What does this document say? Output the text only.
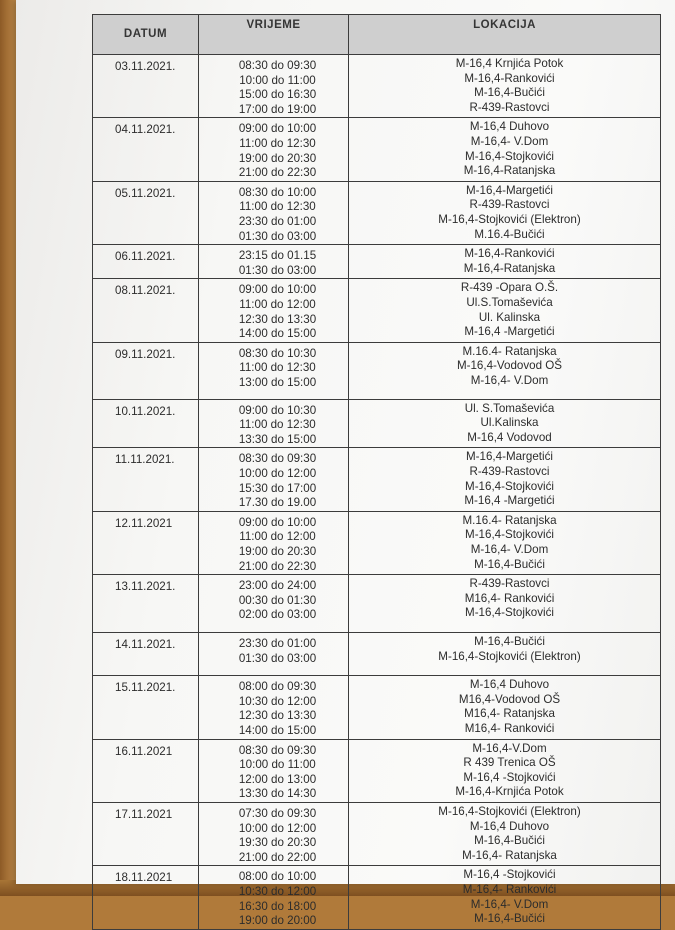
DATUM	VRIJEME	LOKACIJA
03.11.2021.	08:30 do 09:30
10:00 do 11:00
15:00 do 16:30
17:00 do 19:00	M-16,4 Krnjića Potok
M-16,4-Rankovići
M-16,4-Bučići
R-439-Rastovci

04.11.2021.	09:00 do 10:00
11:00 do 12:30
19:00 do 20:30
21:00 do 22:30	M-16,4 Duhovo
M-16,4- V.Dom
M-16,4-Stojkovići
M-16,4-Ratanjska

05.11.2021.	08:30 do 10:00
11:00 do 12:30
23:30 do 01:00
01:30 do 03:00	M-16,4-Margetići
R-439-Rastovci
M-16,4-Stojkovići (Elektron)
M.16.4-Bučići

06.11.2021.	23:15 do 01.15
01:30 do 03:00	M-16,4-Rankovići
M-16,4-Ratanjska

08.11.2021.	09:00 do 10:00
11:00 do 12:00
12:30 do 13:30
14:00 do 15:00	R-439 -Opara O.Š.
Ul.S.Tomaševića
Ul. Kalinska
M-16,4 -Margetići

09.11.2021.	08:30 do 10:30
11:00 do 12:30
13:00 do 15:00	M.16.4- Ratanjska
M-16,4-Vodovod OŠ
M-16,4- V.Dom

10.11.2021.	09:00 do 10:30
11:00 do 12:30
13:30 do 15:00	Ul. S.Tomaševića
Ul.Kalinska
M-16,4 Vodovod

11.11.2021.	08:30 do 09:30
10:00 do 12:00
15:30 do 17:00
17.30 do 19.00	M-16,4-Margetići
R-439-Rastovci
M-16,4-Stojkovići
M-16,4 -Margetići

12.11.2021	09:00 do 10:00
11:00 do 12:00
19:00 do 20:30
21:00 do 22:30	M.16.4- Ratanjska
M-16,4-Stojkovići
M-16,4- V.Dom
M-16,4-Bučići

13.11.2021.	23:00 do 24:00
00:30 do 01:30
02:00 do 03:00	R-439-Rastovci
M16,4- Rankovići
M-16,4-Stojkovići

14.11.2021.	23:30 do 01:00
01:30 do 03:00	M-16,4-Bučići
M-16,4-Stojkovići (Elektron)

15.11.2021.	08:00 do 09:30
10:30 do 12:00
12:30 do 13:30
14:00 do 15:00	M-16,4 Duhovo
M16,4-Vodovod OŠ
M16,4- Ratanjska
M16,4- Rankovići

16.11.2021	08:30 do 09:30
10:00 do 11:00
12:00 do 13:00
13:30 do 14:30	M-16,4-V.Dom
R 439 Trenica OŠ
M-16,4 -Stojkovići
M-16,4-Krnjića Potok

17.11.2021	07:30 do 09:30
10:00 do 12:00
19:30 do 20:30
21:00 do 22:00	M-16,4-Stojkovići (Elektron)
M-16,4 Duhovo
M-16,4-Bučići
M-16,4- Ratanjska

18.11.2021	08:00 do 10:00
10:30 do 12:00
16:30 do 18:00
19:00 do 20:00	M-16,4 -Stojkovići
M-16,4- Rankovići
M-16,4- V.Dom
M-16,4-Bučići
